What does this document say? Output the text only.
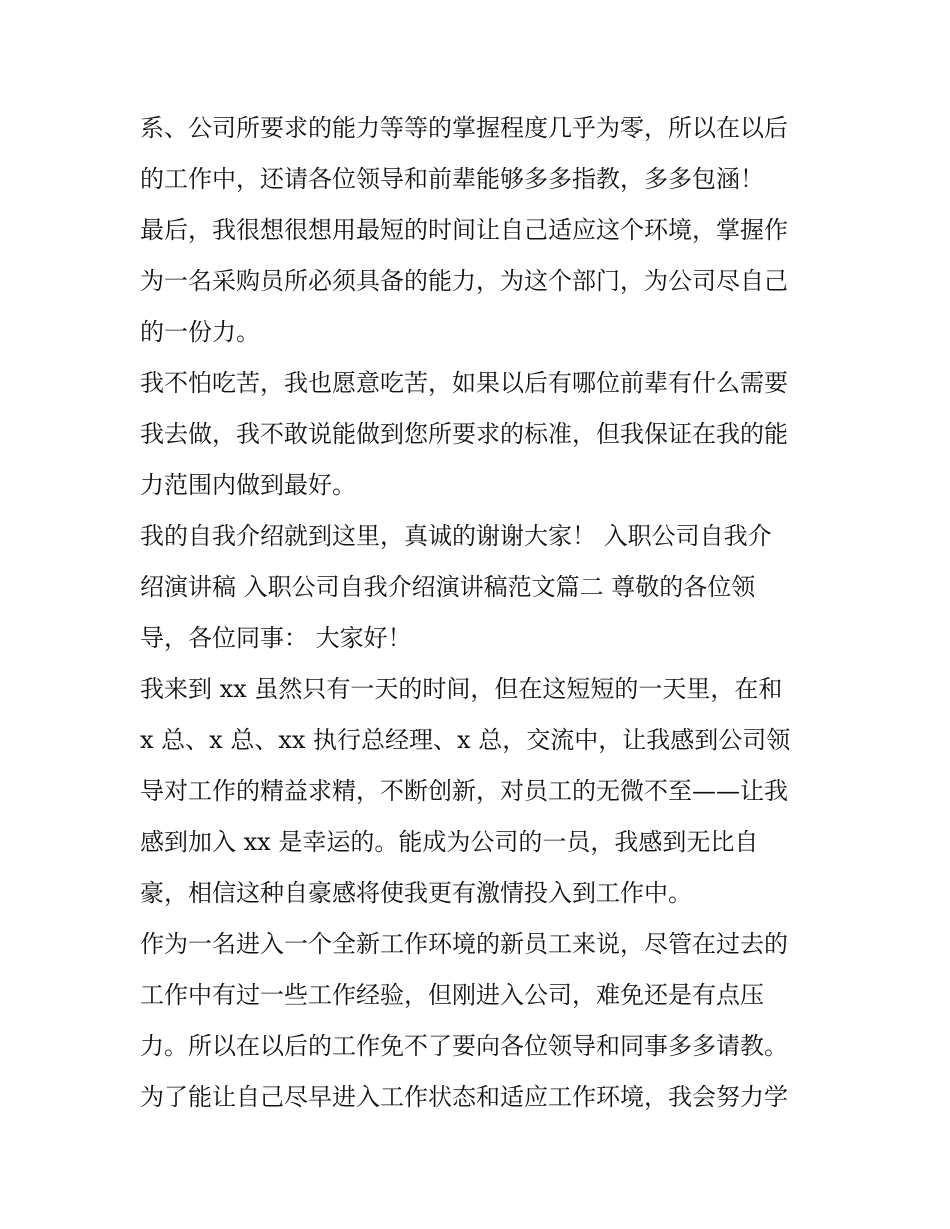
系、公司所要求的能力等等的掌握程度几乎为零，所以在以后
的工作中，还请各位领导和前辈能够多多指教，多多包涵！
最后，我很想很想用最短的时间让自己适应这个环境，掌握作
为一名采购员所必须具备的能力，为这个部门，为公司尽自己
的一份力。
我不怕吃苦，我也愿意吃苦，如果以后有哪位前辈有什么需要
我去做，我不敢说能做到您所要求的标准，但我保证在我的能
力范围内做到最好。
我的自我介绍就到这里，真诚的谢谢大家！ 入职公司自我介
绍演讲稿 入职公司自我介绍演讲稿范文篇二 尊敬的各位领
导，各位同事： 大家好！
我来到 xx 虽然只有一天的时间，但在这短短的一天里，在和
x 总、x 总、xx 执行总经理、x 总，交流中，让我感到公司领
导对工作的精益求精，不断创新，对员工的无微不至——让我
感到加入 xx 是幸运的。能成为公司的一员，我感到无比自
豪，相信这种自豪感将使我更有激情投入到工作中。
作为一名进入一个全新工作环境的新员工来说，尽管在过去的
工作中有过一些工作经验，但刚进入公司，难免还是有点压
力。所以在以后的工作免不了要向各位领导和同事多多请教。
为了能让自己尽早进入工作状态和适应工作环境，我会努力学
